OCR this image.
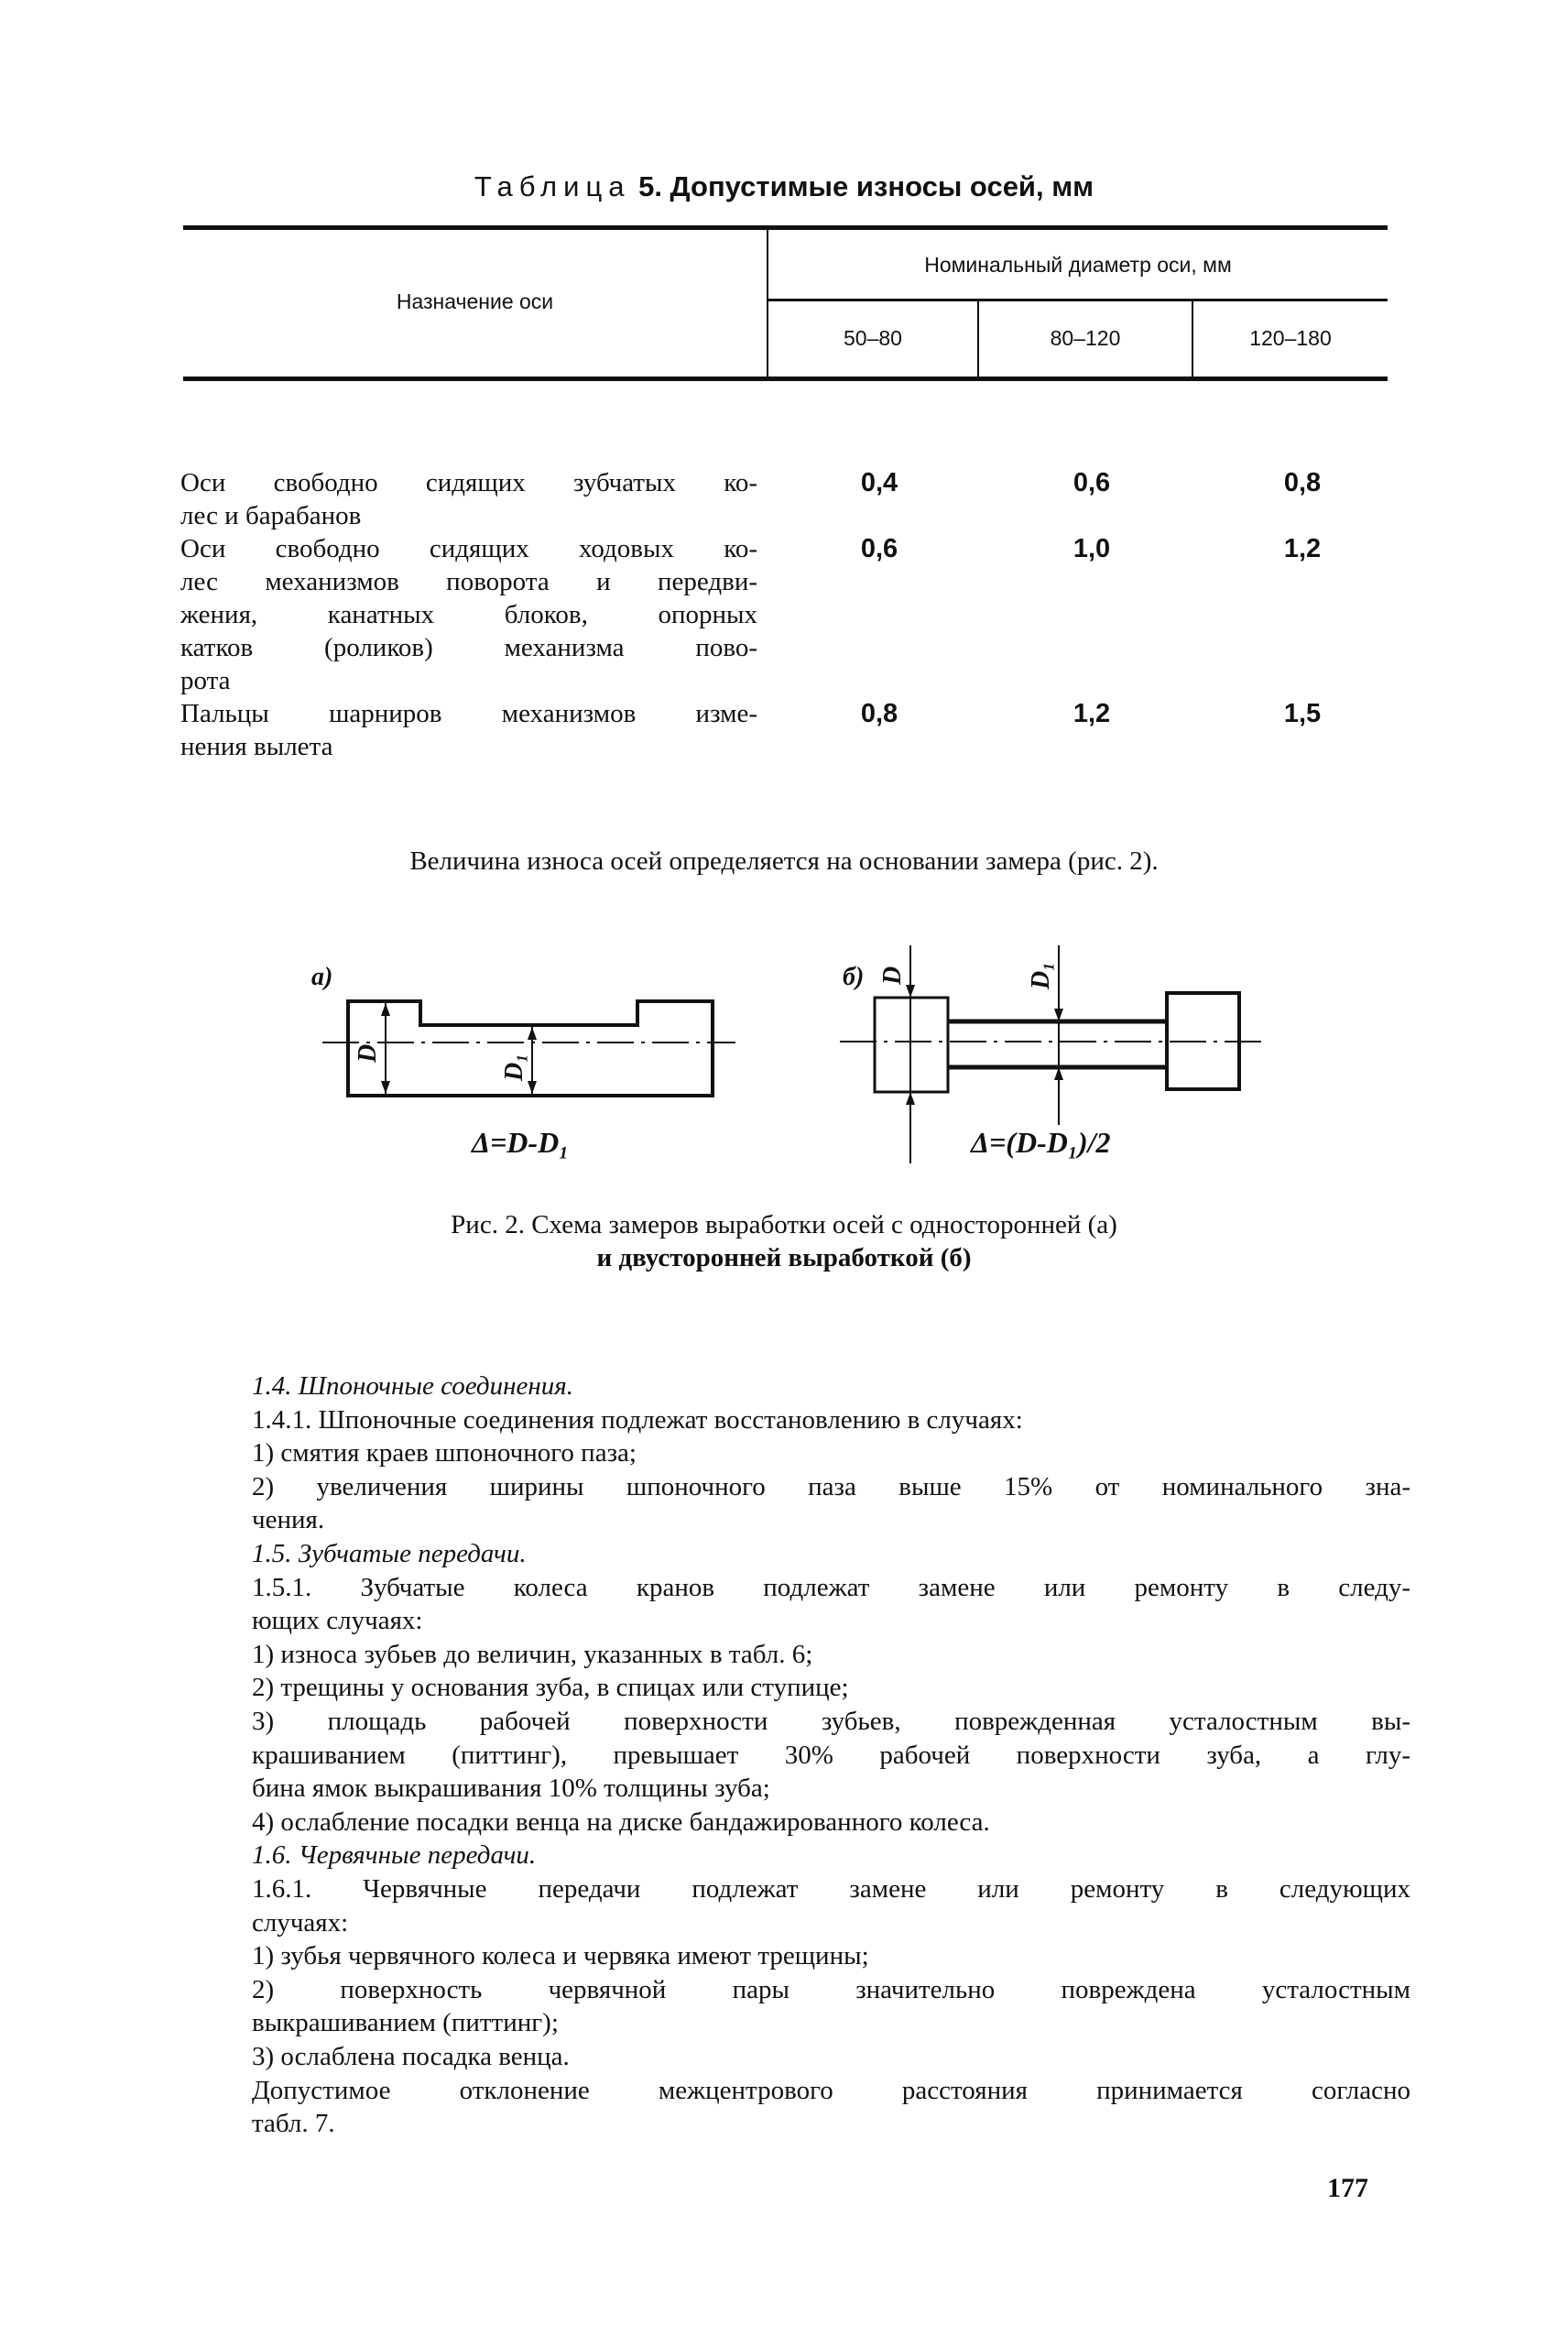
Таблица 5. Допустимые износы осей, мм
Назначение оси
Номинальный диаметр оси, мм
50–80	80–120	120–180
Оси свободно сидящих зубчатых ко-
лес и барабанов
0,4	0,6	0,8
Оси свободно сидящих ходовых ко-
лес механизмов поворота и передви-
жения, канатных блоков, опорных
катков (роликов) механизма пово-
рота
0,6	1,0	1,2
Пальцы шарниров механизмов изме-
нения вылета
0,8	1,2	1,5
Величина износа осей определяется на основании замера (рис. 2).
а)	б)
D
D₁
D	D₁
Δ=D-D₁	Δ=(D-D₁)/2
Рис. 2. Схема замеров выработки осей с односторонней (а)
и двусторонней выработкой (б)
1.4. Шпоночные соединения.
1.4.1. Шпоночные соединения подлежат восстановлению в случаях:
1) смятия краев шпоночного паза;
2) увеличения ширины шпоночного паза выше 15% от номинального зна-
чения.
1.5. Зубчатые передачи.
1.5.1. Зубчатые колеса кранов подлежат замене или ремонту в следу-
ющих случаях:
1) износа зубьев до величин, указанных в табл. 6;
2) трещины у основания зуба, в спицах или ступице;
3) площадь рабочей поверхности зубьев, поврежденная усталостным вы-
крашиванием (питтинг), превышает 30% рабочей поверхности зуба, а глу-
бина ямок выкрашивания 10% толщины зуба;
4) ослабление посадки венца на диске бандажированного колеса.
1.6. Червячные передачи.
1.6.1. Червячные передачи подлежат замене или ремонту в следующих
случаях:
1) зубья червячного колеса и червяка имеют трещины;
2) поверхность червячной пары значительно повреждена усталостным
выкрашиванием (питтинг);
3) ослаблена посадка венца.
Допустимое отклонение межцентрового расстояния принимается согласно
табл. 7.
177
